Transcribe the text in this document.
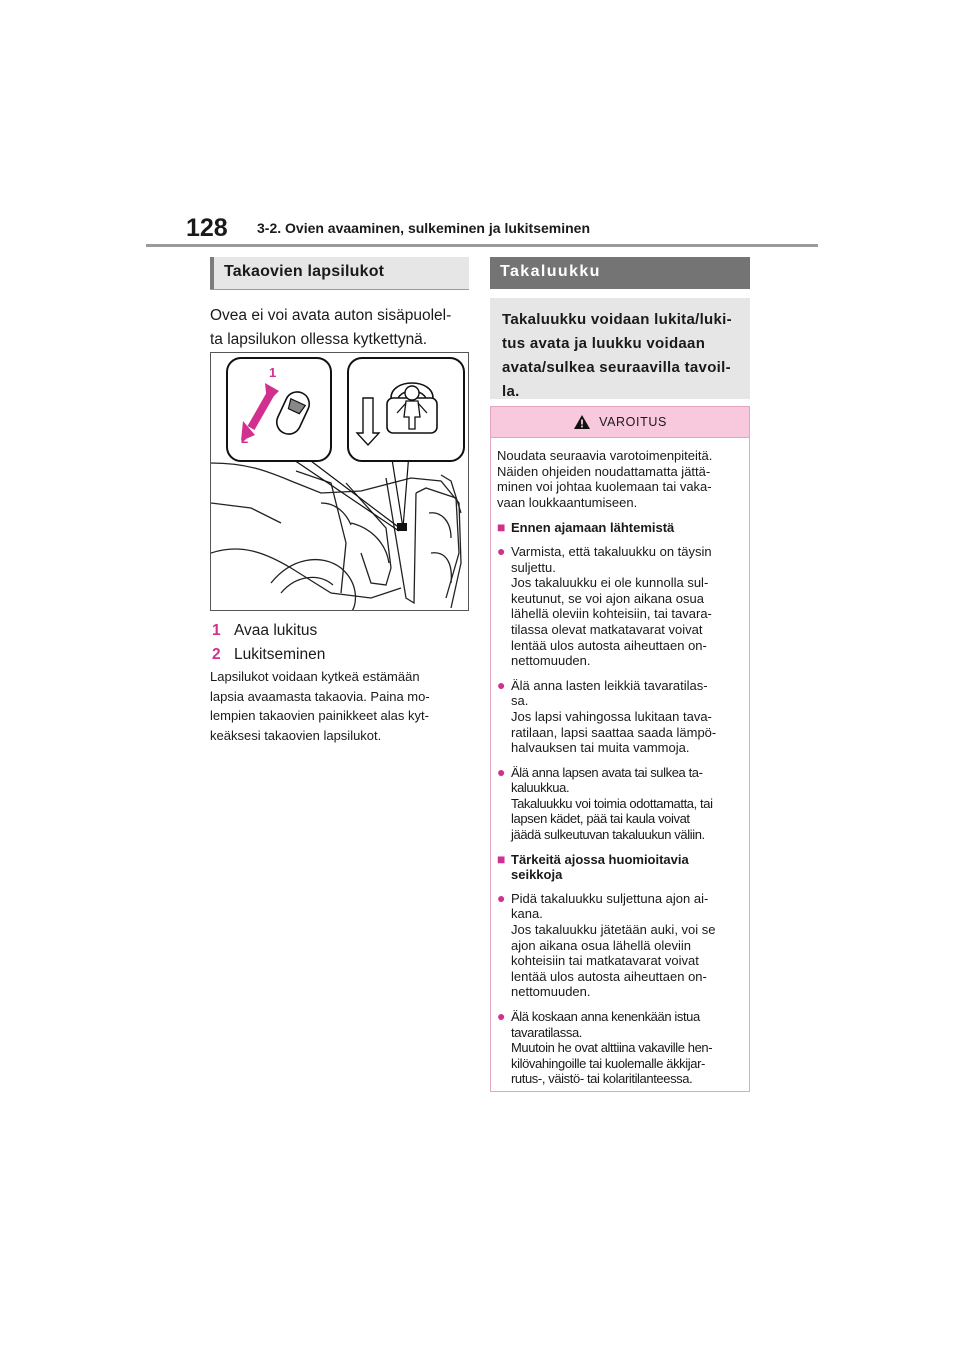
128 3-2. Ovien avaaminen, sulkeminen ja lukitseminen
Takaovien lapsilukot
Ovea ei voi avata auton sisäpuolel-
ta lapsilukon ollessa kytkettynä.
1
2
1 Avaa lukitus
2 Lukitseminen
Lapsilukot voidaan kytkeä estämään
lapsia avaamasta takaovia. Paina mo-
lempien takaovien painikkeet alas kyt-
keäksesi takaovien lapsilukot.
Takaluukku
Takaluukku voidaan lukita/luki-
tus avata ja luukku voidaan
avata/sulkea seuraavilla tavoil-
la.
VAROITUS

Noudata seuraavia varotoimenpiteitä.

Näiden ohjeiden noudattamatta jättä-

minen voi johtaa kuolemaan tai vaka-

vaan loukkaantumiseen.

■ Ennen ajamaan lähtemistä
● Varmista, että takaluukku on täysin

suljettu.

Jos takaluukku ei ole kunnolla sul-

keutunut, se voi ajon aikana osua

lähellä oleviin kohteisiin, tai tavara-

tilassa olevat matkatavarat voivat

lentää ulos autosta aiheuttaen on-

nettomuuden.

● Älä anna lasten leikkiä tavaratilas-

sa.

Jos lapsi vahingossa lukitaan tava-

ratilaan, lapsi saattaa saada lämpö-

halvauksen tai muita vammoja.

● Älä anna lapsen avata tai sulkea ta-

kaluukkua.

Takaluukku voi toimia odottamatta, tai

lapsen kädet, pää tai kaula voivat

jäädä sulkeutuvan takaluukun väliin.

■ Tärkeitä ajossa huomioitavia

seikkoja

● Pidä takaluukku suljettuna ajon ai-

kana.

Jos takaluukku jätetään auki, voi se

ajon aikana osua lähellä oleviin

kohteisiin tai matkatavarat voivat

lentää ulos autosta aiheuttaen on-

nettomuuden.

● Älä koskaan anna kenenkään istua

tavaratilassa.

Muutoin he ovat alttiina vakaville hen-

kilövahingoille tai kuolemalle äkkijar-

rutus-, väistö- tai kolaritilanteessa.
